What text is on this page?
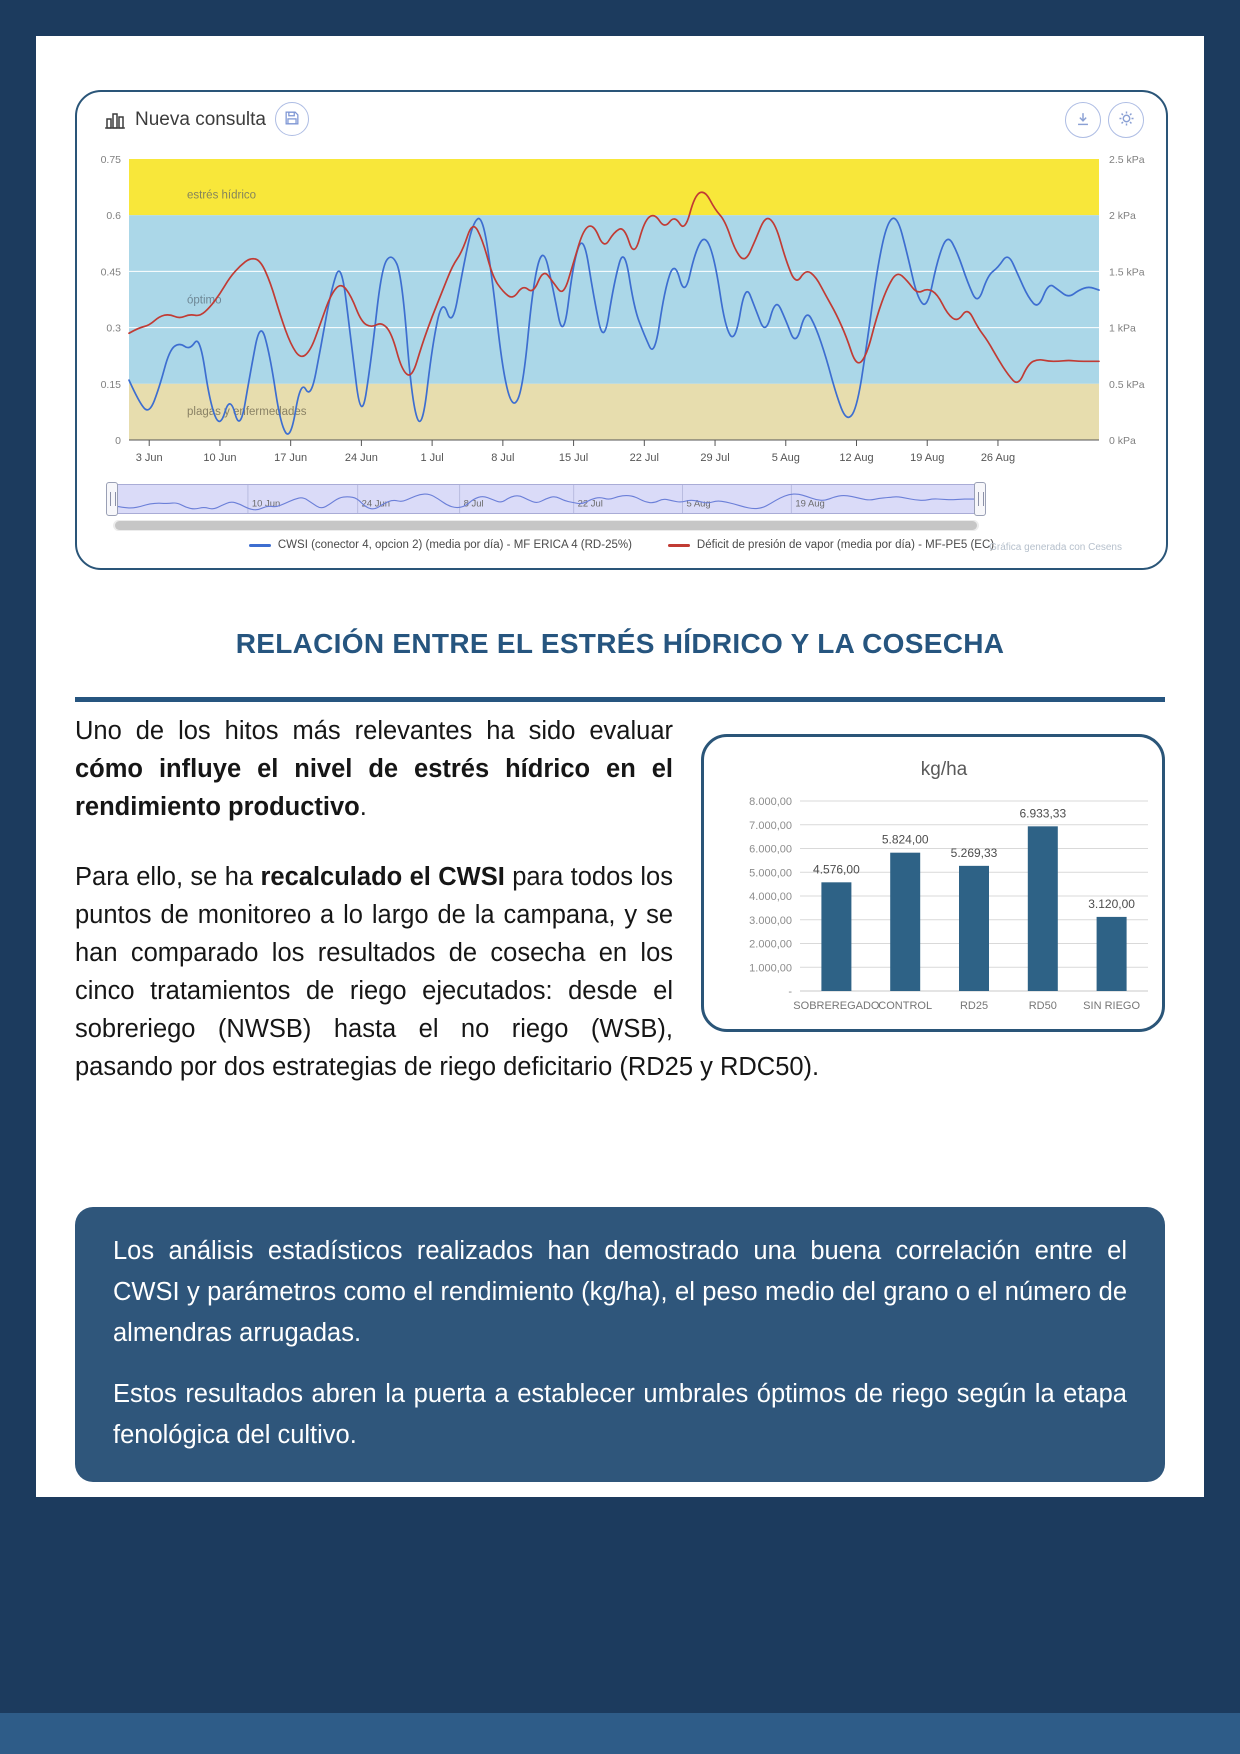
Nueva consulta
estrés hídrico
óptimo
plagas y enfermedades
0.75
0.6
0.45
0.3
0.15
0
2.5 kPa
2 kPa
1.5 kPa
1 kPa
0.5 kPa
0 kPa
3 Jun	10 Jun	17 Jun	24 Jun	1 Jul	8 Jul	15 Jul	22 Jul	29 Jul	5 Aug	12 Aug	19 Aug	26 Aug
10 Jun	24 Jun	8 Jul	22 Jul	5 Aug	19 Aug
CWSI (conector 4, opcion 2) (media por día) - MF ERICA 4 (RD-25%)	Déficit de presión de vapor (media por día) - MF-PE5 (EC)
Gráfica generada con Cesens
RELACIÓN ENTRE EL ESTRÉS HÍDRICO Y LA COSECHA
kg/ha
8.000,00
7.000,00
6.000,00
5.000,00
4.000,00
3.000,00
2.000,00
1.000,00
-
4.576,00
SOBREREGADO
5.824,00
CONTROL
5.269,33
RD25
6.933,33
RD50
3.120,00
SIN RIEGO

Uno de los hitos más relevantes ha sido evaluar cómo influye el nivel de estrés hídrico en el rendimiento productivo.

Para ello, se ha recalculado el CWSI para todos los puntos de monitoreo a lo largo de la campana, y se han comparado los resultados de cosecha en los cinco tratamientos de riego ejecutados: desde el sobreriego (NWSB) hasta el no riego (WSB), pasando por dos estrategias de riego deficitario (RD25 y RDC50).

Los análisis estadísticos realizados han demostrado una buena correlación entre el CWSI y parámetros como el rendimiento (kg/ha), el peso medio del grano o el número de almendras arrugadas.

Estos resultados abren la puerta a establecer umbrales óptimos de riego según la etapa fenológica del cultivo.
